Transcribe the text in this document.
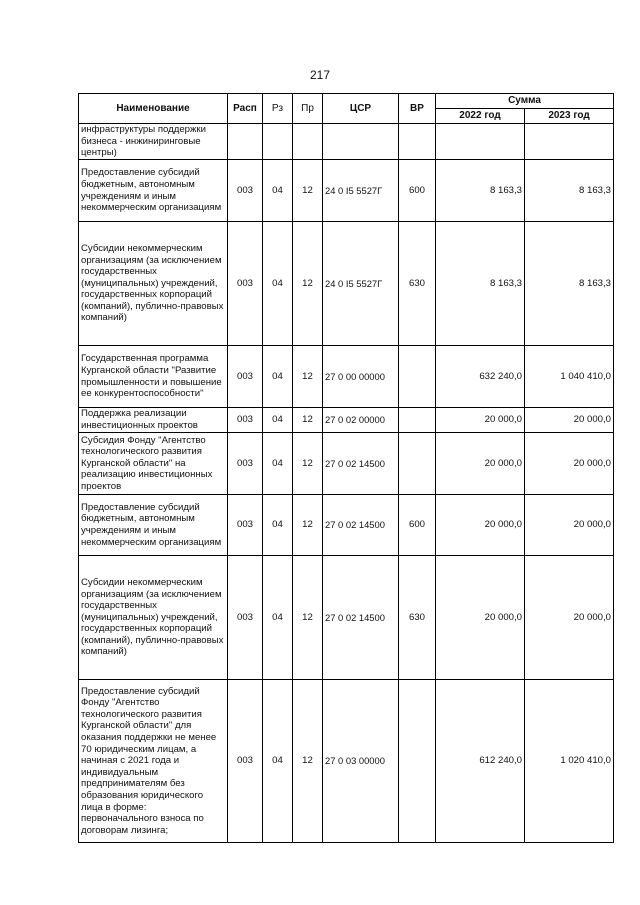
217
Наименование	Расп	Рз	Пр	ЦСР	ВР	Сумма	
						2022 год	2023 год
инфраструктуры поддержки бизнеса - инжиниринговые центры)							
Предоставление субсидий бюджетным, автономным учреждениям и иным некоммерческим организациям	003	04	12	24 0 I5 5527Г	600	8 163,3	8 163,3
Субсидии некоммерческим организациям (за исключением государственных (муниципальных) учреждений, государственных корпораций (компаний), публично-правовых компаний)	003	04	12	24 0 I5 5527Г	630	8 163,3	8 163,3
Государственная программа Курганской области "Развитие промышленности и повышение ее конкурентоспособности"	003	04	12	27 0 00 00000		632 240,0	1 040 410,0
Поддержка реализации инвестиционных проектов	003	04	12	27 0 02 00000		20 000,0	20 000,0
Субсидия Фонду "Агентство технологического развития Курганской области" на реализацию инвестиционных проектов	003	04	12	27 0 02 14500		20 000,0	20 000,0
Предоставление субсидий бюджетным, автономным учреждениям и иным некоммерческим организациям	003	04	12	27 0 02 14500	600	20 000,0	20 000,0
Субсидии некоммерческим организациям (за исключением государственных (муниципальных) учреждений, государственных корпораций (компаний), публично-правовых компаний)	003	04	12	27 0 02 14500	630	20 000,0	20 000,0
Предоставление субсидий Фонду "Агентство технологического развития Курганской области" для оказания поддержки не менее 70 юридическим лицам, а начиная с 2021 года и индивидуальным предпринимателям без образования юридического лица в форме: первоначального взноса по договорам лизинга;	003	04	12	27 0 03 00000		612 240,0	1 020 410,0
